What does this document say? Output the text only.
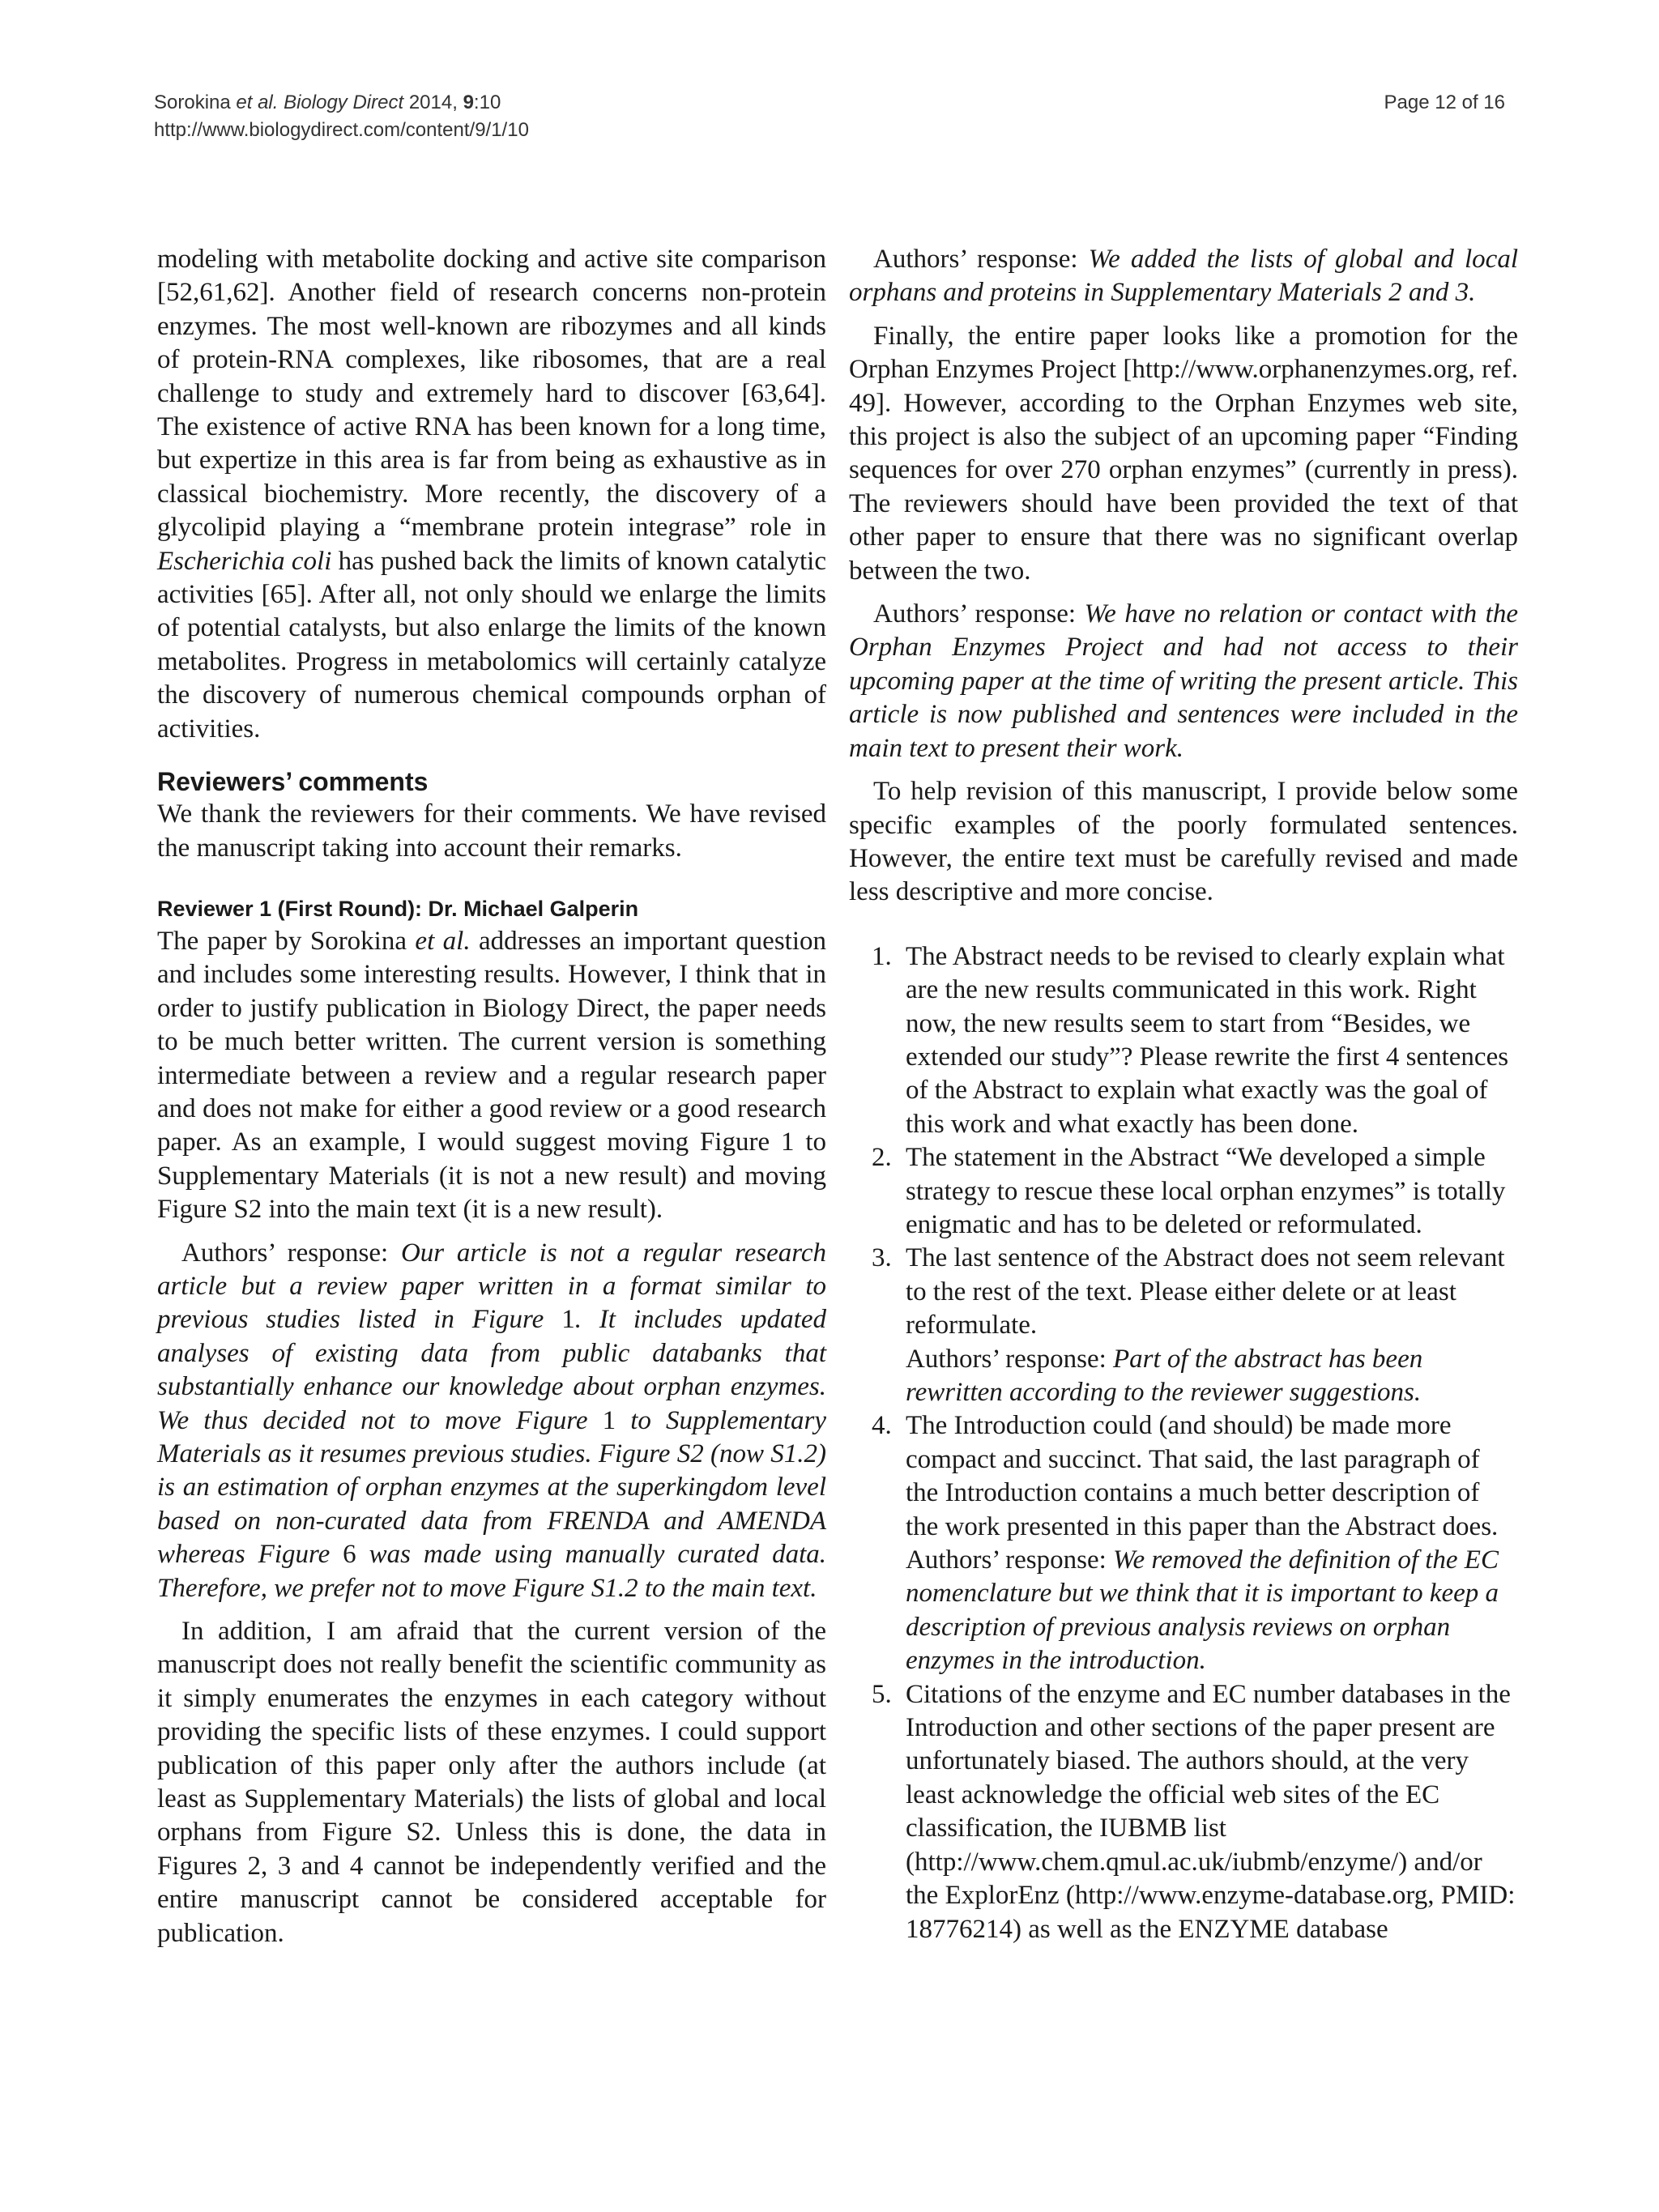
Sorokina et al. Biology Direct 2014, 9:10
http://www.biologydirect.com/content/9/1/10
Page 12 of 16

modeling with metabolite docking and active site comparison [52,61,62]. Another field of research concerns non-protein enzymes. The most well-known are ribozymes and all kinds of protein-RNA complexes, like ribosomes, that are a real challenge to study and extremely hard to discover [63,64]. The existence of active RNA has been known for a long time, but expertize in this area is far from being as exhaustive as in classical biochemistry. More recently, the discovery of a glycolipid playing a “membrane protein integrase” role in Escherichia coli has pushed back the limits of known catalytic activities [65]. After all, not only should we enlarge the limits of potential catalysts, but also enlarge the limits of the known metabolites. Progress in metabolomics will certainly catalyze the discovery of numerous chemical compounds orphan of activities.

Reviewers’ comments

We thank the reviewers for their comments. We have revised the manuscript taking into account their remarks.

Reviewer 1 (First Round): Dr. Michael Galperin

The paper by Sorokina et al. addresses an important question and includes some interesting results. However, I think that in order to justify publication in Biology Direct, the paper needs to be much better written. The current version is something intermediate between a review and a regular research paper and does not make for either a good review or a good research paper. As an example, I would suggest moving Figure 1 to Supplementary Materials (it is not a new result) and moving Figure S2 into the main text (it is a new result).

Authors’ response: Our article is not a regular research article but a review paper written in a format similar to previous studies listed in Figure 1. It includes updated analyses of existing data from public databanks that substantially enhance our knowledge about orphan enzymes. We thus decided not to move Figure 1 to Supplementary Materials as it resumes previous studies. Figure S2 (now S1.2) is an estimation of orphan enzymes at the superkingdom level based on non-curated data from FRENDA and AMENDA whereas Figure 6 was made using manually curated data. Therefore, we prefer not to move Figure S1.2 to the main text.

In addition, I am afraid that the current version of the manuscript does not really benefit the scientific community as it simply enumerates the enzymes in each category without providing the specific lists of these enzymes. I could support publication of this paper only after the authors include (at least as Supplementary Materials) the lists of global and local orphans from Figure S2. Unless this is done, the data in Figures 2, 3 and 4 cannot be independently verified and the entire manuscript cannot be considered acceptable for publication.

Authors’ response: We added the lists of global and local orphans and proteins in Supplementary Materials 2 and 3.

Finally, the entire paper looks like a promotion for the Orphan Enzymes Project [http://www.orphanenzymes.org, ref. 49]. However, according to the Orphan Enzymes web site, this project is also the subject of an upcoming paper “Finding sequences for over 270 orphan enzymes” (currently in press). The reviewers should have been provided the text of that other paper to ensure that there was no significant overlap between the two.

Authors’ response: We have no relation or contact with the Orphan Enzymes Project and had not access to their upcoming paper at the time of writing the present article. This article is now published and sentences were included in the main text to present their work.

To help revision of this manuscript, I provide below some specific examples of the poorly formulated sentences. However, the entire text must be carefully revised and made less descriptive and more concise.

1. The Abstract needs to be revised to clearly explain what are the new results communicated in this work. Right now, the new results seem to start from “Besides, we extended our study”? Please rewrite the first 4 sentences of the Abstract to explain what exactly was the goal of this work and what exactly has been done.

2. The statement in the Abstract “We developed a simple strategy to rescue these local orphan enzymes” is totally enigmatic and has to be deleted or reformulated.

3. The last sentence of the Abstract does not seem relevant to the rest of the text. Please either delete or at least reformulate.

Authors’ response: Part of the abstract has been rewritten according to the reviewer suggestions.

4. The Introduction could (and should) be made more compact and succinct. That said, the last paragraph of the Introduction contains a much better description of the work presented in this paper than the Abstract does.

Authors’ response: We removed the definition of the EC nomenclature but we think that it is important to keep a description of previous analysis reviews on orphan enzymes in the introduction.

5. Citations of the enzyme and EC number databases in the Introduction and other sections of the paper present are unfortunately biased. The authors should, at the very least acknowledge the official web sites of the EC classification, the IUBMB list (http://www.chem.qmul.ac.uk/iubmb/enzyme/) and/or the ExplorEnz (http://www.enzyme-database.org, PMID: 18776214) as well as the ENZYME database
